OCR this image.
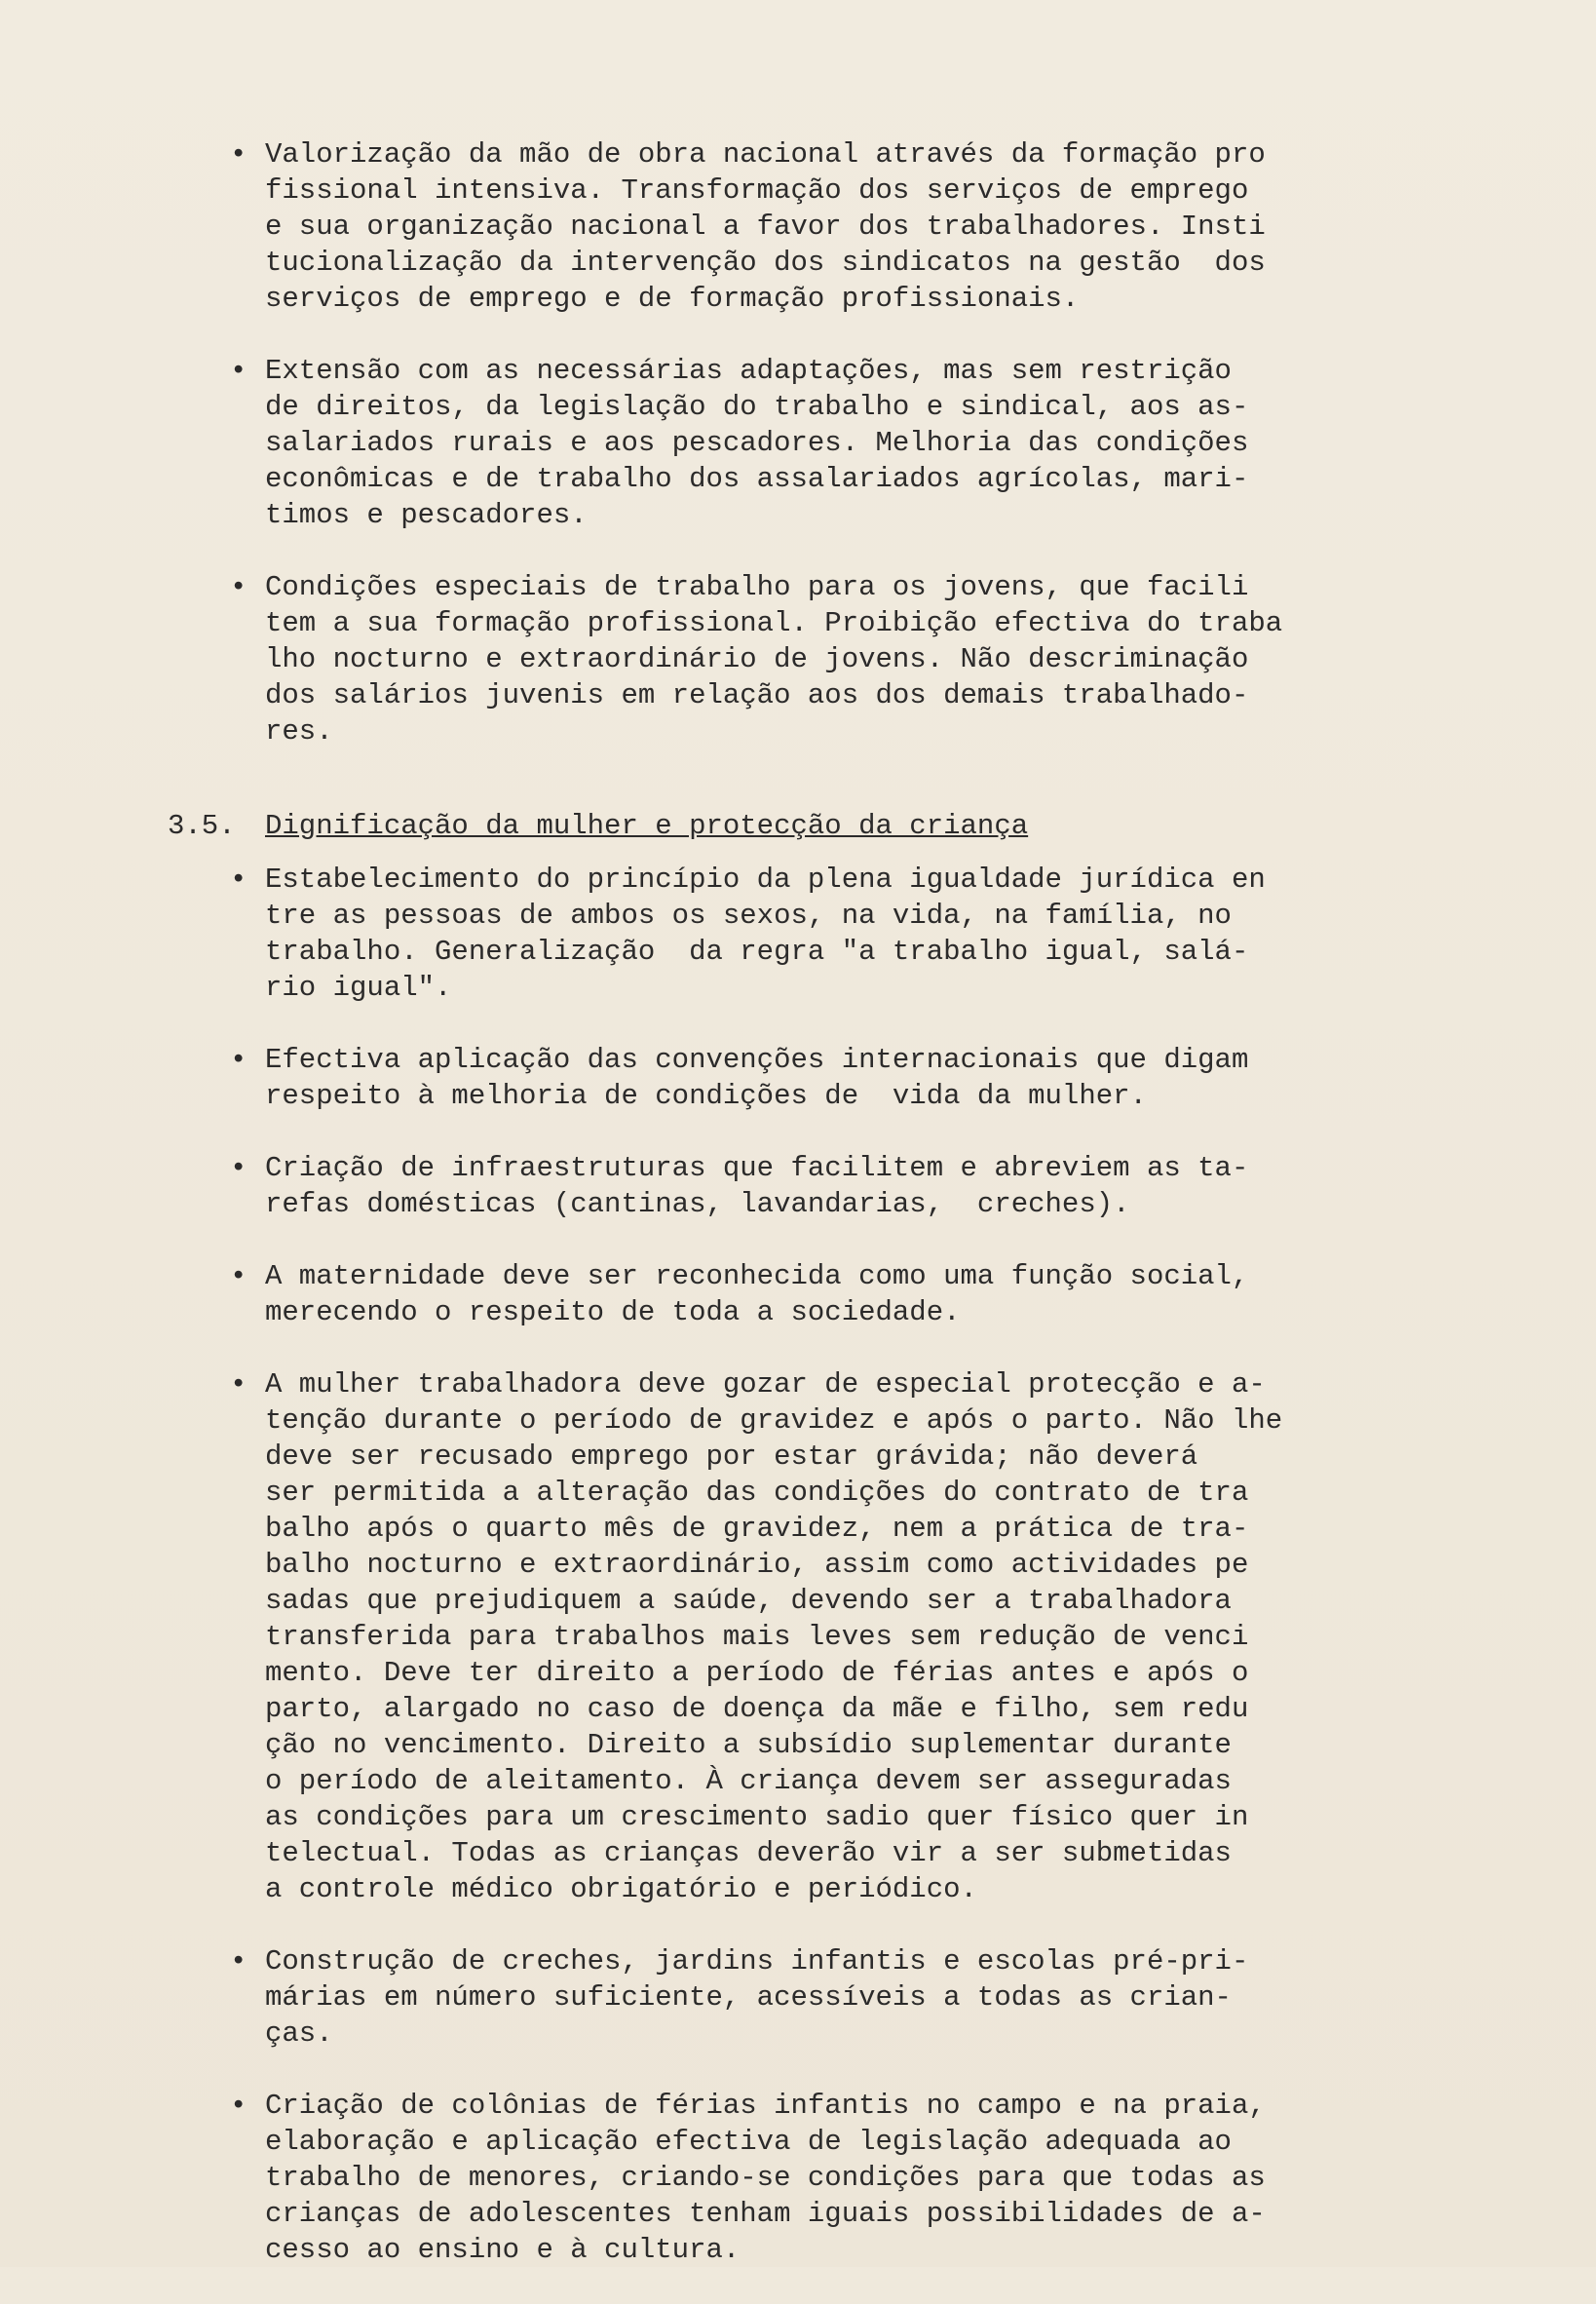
• Valorização da mão de obra nacional através da formação pro
fissional intensiva. Transformação dos serviços de emprego
e sua organização nacional a favor dos trabalhadores. Insti
tucionalização da intervenção dos sindicatos na gestão  dos
serviços de emprego e de formação profissionais.
• Extensão com as necessárias adaptações, mas sem restrição
de direitos, da legislação do trabalho e sindical, aos as-
salariados rurais e aos pescadores. Melhoria das condições
econômicas e de trabalho dos assalariados agrícolas, mari-
timos e pescadores.
• Condições especiais de trabalho para os jovens, que facili
tem a sua formação profissional. Proibição efectiva do traba
lho nocturno e extraordinário de jovens. Não descriminação
dos salários juvenis em relação aos dos demais trabalhado-
res.
3.5. Dignificação da mulher e protecção da criança
• Estabelecimento do princípio da plena igualdade jurídica en
tre as pessoas de ambos os sexos, na vida, na família, no
trabalho. Generalização  da regra "a trabalho igual, salá-
rio igual".
• Efectiva aplicação das convenções internacionais que digam
respeito à melhoria de condições de  vida da mulher.
• Criação de infraestruturas que facilitem e abreviem as ta-
refas domésticas (cantinas, lavandarias,  creches).
• A maternidade deve ser reconhecida como uma função social,
merecendo o respeito de toda a sociedade.
• A mulher trabalhadora deve gozar de especial protecção e a-
tenção durante o período de gravidez e após o parto. Não lhe
deve ser recusado emprego por estar grávida; não deverá
ser permitida a alteração das condições do contrato de tra
balho após o quarto mês de gravidez, nem a prática de tra-
balho nocturno e extraordinário, assim como actividades pe
sadas que prejudiquem a saúde, devendo ser a trabalhadora
transferida para trabalhos mais leves sem redução de venci
mento. Deve ter direito a período de férias antes e após o
parto, alargado no caso de doença da mãe e filho, sem redu
ção no vencimento. Direito a subsídio suplementar durante
o período de aleitamento. À criança devem ser asseguradas
as condições para um crescimento sadio quer físico quer in
telectual. Todas as crianças deverão vir a ser submetidas
a controle médico obrigatório e periódico.
• Construção de creches, jardins infantis e escolas pré-pri-
márias em número suficiente, acessíveis a todas as crian-
ças.
• Criação de colônias de férias infantis no campo e na praia,
elaboração e aplicação efectiva de legislação adequada ao
trabalho de menores, criando-se condições para que todas as
crianças de adolescentes tenham iguais possibilidades de a-
cesso ao ensino e à cultura.
